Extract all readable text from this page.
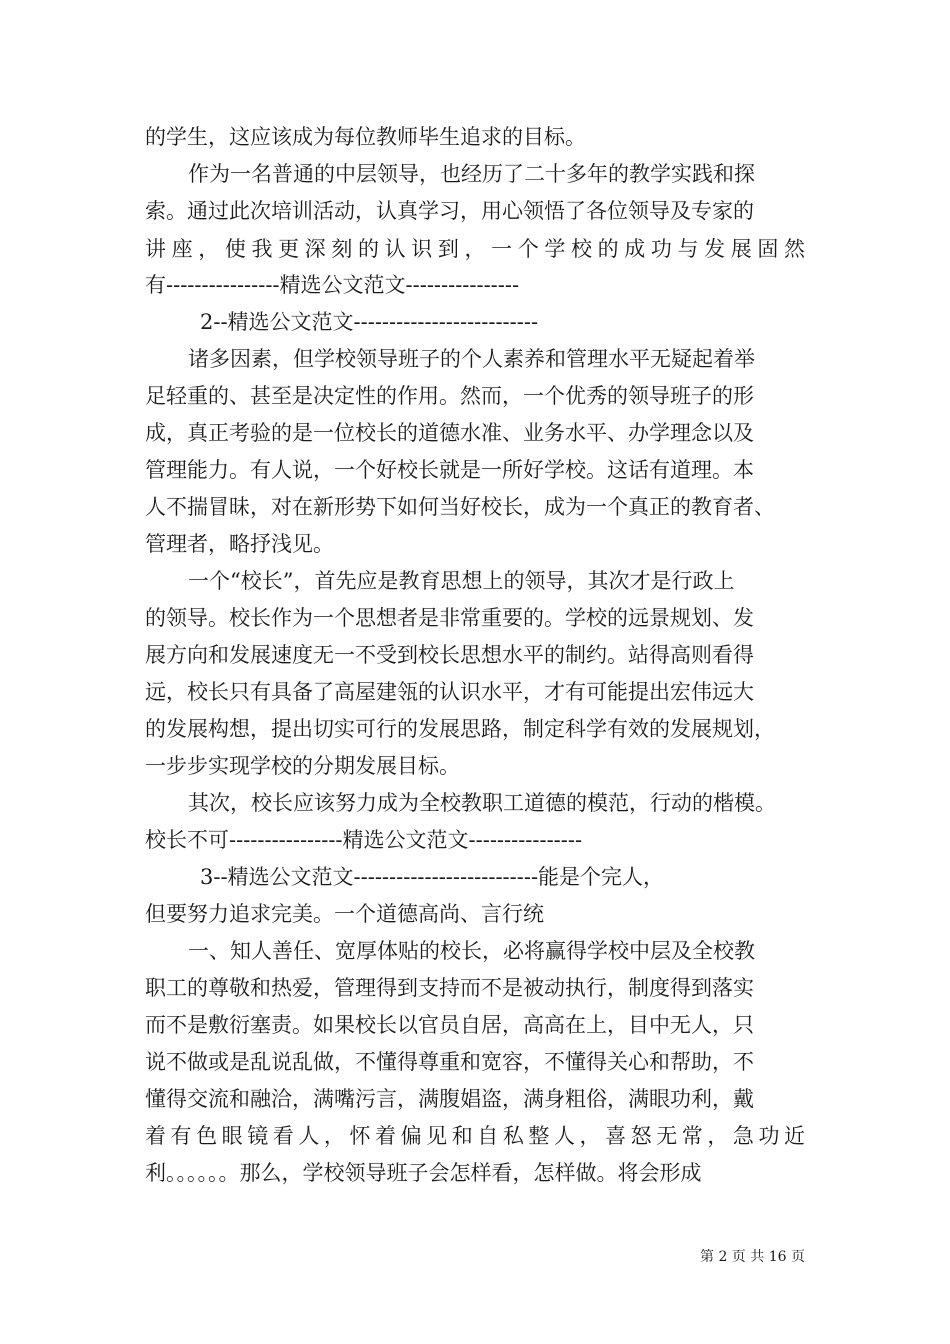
的学生，这应该成为每位教师毕生追求的目标。
作为一名普通的中层领导，也经历了二十多年的教学实践和探
索。通过此次培训活动，认真学习，用心领悟了各位领导及专家的
讲座，使我更深刻的认识到，一个学校的成功与发展固然
有----------------精选公文范文----------------
2--精选公文范文--------------------------
诸多因素，但学校领导班子的个人素养和管理水平无疑起着举
足轻重的、甚至是决定性的作用。然而，一个优秀的领导班子的形
成，真正考验的是一位校长的道德水准、业务水平、办学理念以及
管理能力。有人说，一个好校长就是一所好学校。这话有道理。本
人不揣冒昧，对在新形势下如何当好校长，成为一个真正的教育者、
管理者，略抒浅见。
一个“校长”，首先应是教育思想上的领导，其次才是行政上
的领导。校长作为一个思想者是非常重要的。学校的远景规划、发
展方向和发展速度无一不受到校长思想水平的制约。站得高则看得
远，校长只有具备了高屋建瓴的认识水平，才有可能提出宏伟远大
的发展构想，提出切实可行的发展思路，制定科学有效的发展规划，
一步步实现学校的分期发展目标。
其次，校长应该努力成为全校教职工道德的模范，行动的楷模。
校长不可----------------精选公文范文----------------
3--精选公文范文--------------------------能是个完人，
但要努力追求完美。一个道德高尚、言行统
一、知人善任、宽厚体贴的校长，必将赢得学校中层及全校教
职工的尊敬和热爱，管理得到支持而不是被动执行，制度得到落实
而不是敷衍塞责。如果校长以官员自居，高高在上，目中无人，只
说不做或是乱说乱做，不懂得尊重和宽容，不懂得关心和帮助，不
懂得交流和融洽，满嘴污言，满腹娼盗，满身粗俗，满眼功利，戴
着有色眼镜看人，怀着偏见和自私整人，喜怒无常，急功近
利。。。。。。那么，学校领导班子会怎样看，怎样做。将会形成
第 2 页 共 16 页
